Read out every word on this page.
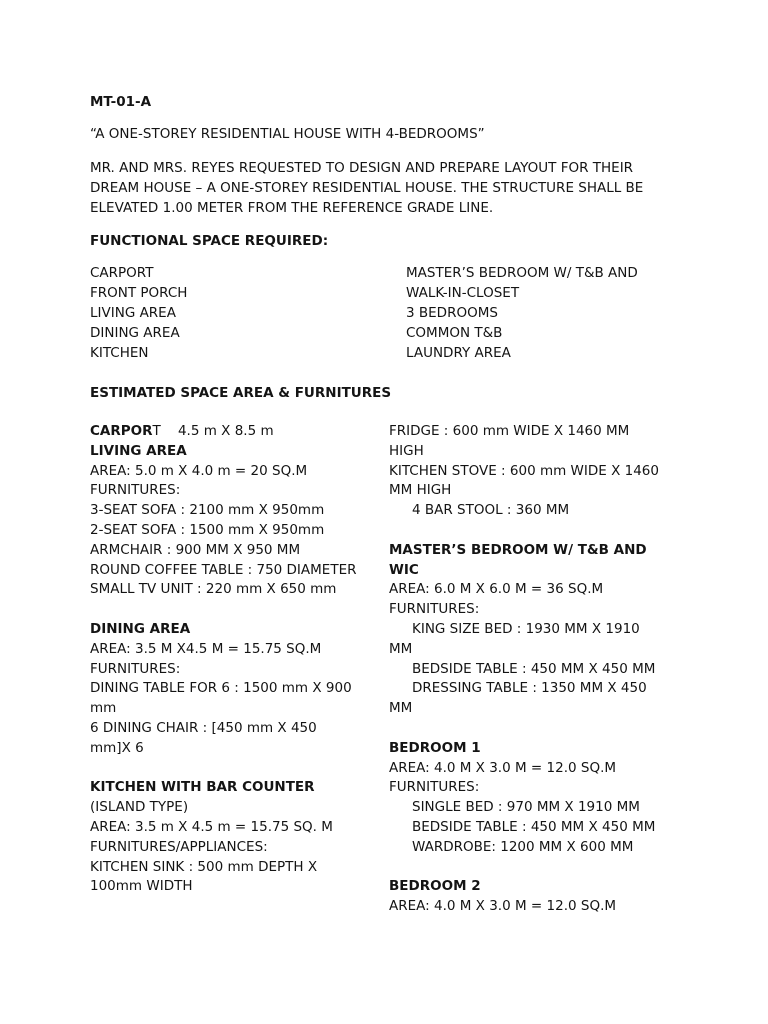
MT-01-A
“A ONE-STOREY RESIDENTIAL HOUSE WITH 4-BEDROOMS”
MR. AND MRS. REYES REQUESTED TO DESIGN AND PREPARE LAYOUT FOR THEIR
DREAM HOUSE – A ONE-STOREY RESIDENTIAL HOUSE. THE STRUCTURE SHALL BE
ELEVATED 1.00 METER FROM THE REFERENCE GRADE LINE.
FUNCTIONAL SPACE REQUIRED:
CARPORT
FRONT PORCH
LIVING AREA
DINING AREA
KITCHEN
MASTER’S BEDROOM W/ T&B AND
WALK-IN-CLOSET
3 BEDROOMS
COMMON T&B
LAUNDRY AREA
ESTIMATED SPACE AREA & FURNITURES
CARPORT 4.5 m X 8.5 m
LIVING AREA
AREA: 5.0 m X 4.0 m = 20 SQ.M
FURNITURES:
3-SEAT SOFA : 2100 mm X 950mm
2-SEAT SOFA : 1500 mm X 950mm
ARMCHAIR : 900 MM X 950 MM
ROUND COFFEE TABLE : 750 DIAMETER
SMALL TV UNIT : 220 mm X 650 mm
DINING AREA
AREA: 3.5 M X4.5 M = 15.75 SQ.M
FURNITURES:
DINING TABLE FOR 6 : 1500 mm X 900
mm
6 DINING CHAIR : [450 mm X 450
mm]X 6
KITCHEN WITH BAR COUNTER
(ISLAND TYPE)
AREA: 3.5 m X 4.5 m = 15.75 SQ. M
FURNITURES/APPLIANCES:
KITCHEN SINK : 500 mm DEPTH X
100mm WIDTH
FRIDGE : 600 mm WIDE X 1460 MM
HIGH
KITCHEN STOVE : 600 mm WIDE X 1460
MM HIGH
4 BAR STOOL : 360 MM
MASTER’S BEDROOM W/ T&B AND
WIC
AREA: 6.0 M X 6.0 M = 36 SQ.M
FURNITURES:
KING SIZE BED : 1930 MM X 1910
MM
BEDSIDE TABLE : 450 MM X 450 MM
DRESSING TABLE : 1350 MM X 450
MM
BEDROOM 1
AREA: 4.0 M X 3.0 M = 12.0 SQ.M
FURNITURES:
SINGLE BED : 970 MM X 1910 MM
BEDSIDE TABLE : 450 MM X 450 MM
WARDROBE: 1200 MM X 600 MM
BEDROOM 2
AREA: 4.0 M X 3.0 M = 12.0 SQ.M
